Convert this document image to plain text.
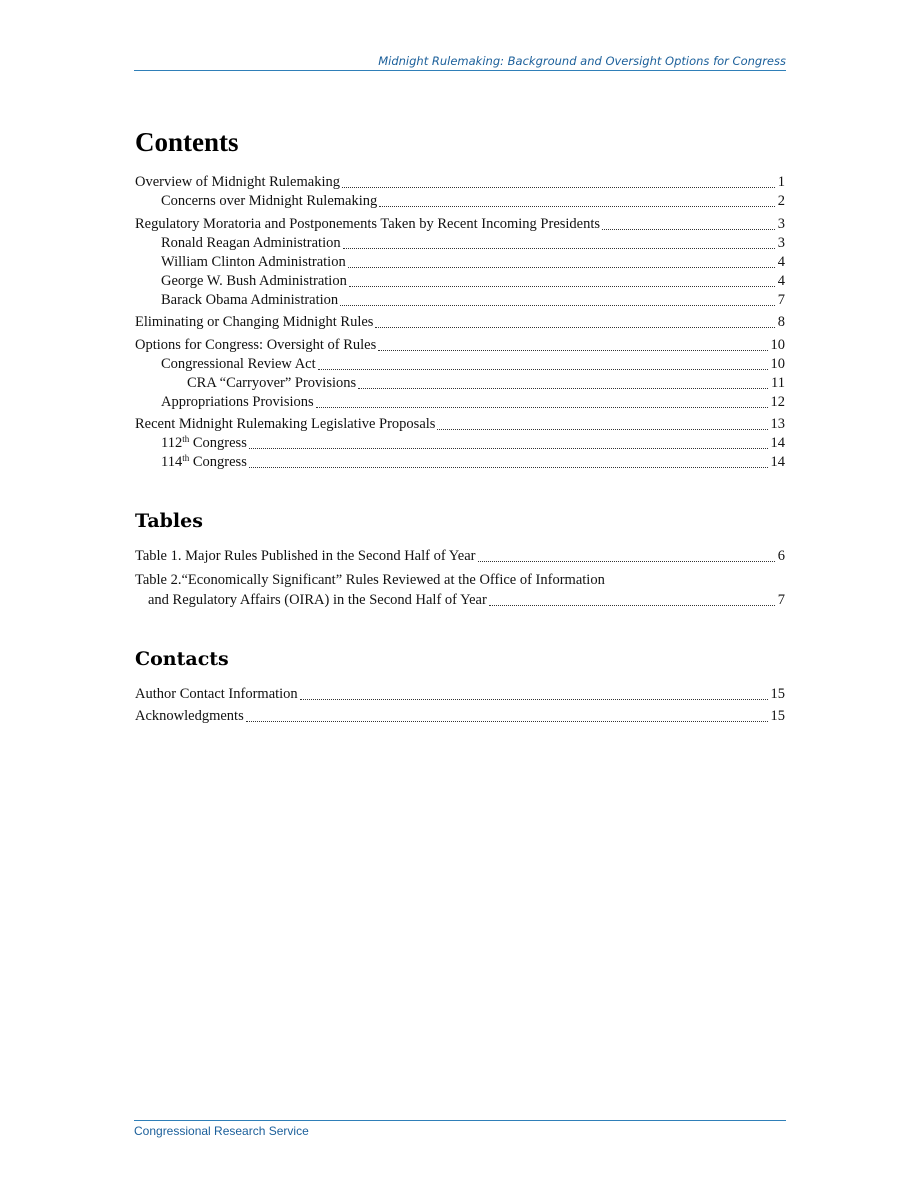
Midnight Rulemaking: Background and Oversight Options for Congress
Contents
Overview of Midnight Rulemaking	1
Concerns over Midnight Rulemaking	2
Regulatory Moratoria and Postponements Taken by Recent Incoming Presidents	3
Ronald Reagan Administration	3
William Clinton Administration	4
George W. Bush Administration	4
Barack Obama Administration	7
Eliminating or Changing Midnight Rules	8
Options for Congress: Oversight of Rules	10
Congressional Review Act	10
CRA “Carryover” Provisions	11
Appropriations Provisions	12
Recent Midnight Rulemaking Legislative Proposals	13
112th Congress	14
114th Congress	14
Tables
Table 1. Major Rules Published in the Second Half of Year	6
Table 2.“Economically Significant” Rules Reviewed at the Office of Information
and Regulatory Affairs (OIRA) in the Second Half of Year	7
Contacts
Author Contact Information	15
Acknowledgments	15
Congressional Research Service
